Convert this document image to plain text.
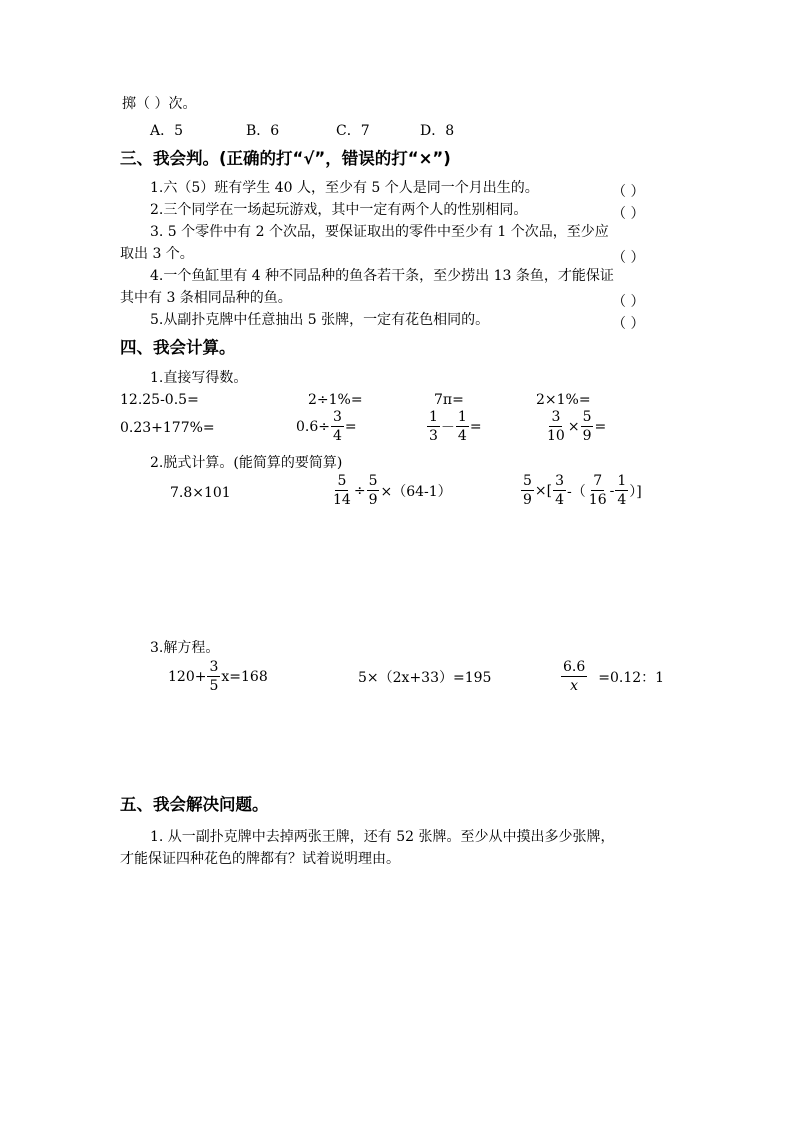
掷（ ）次。
A．5	B．6	C．7	D．8
三、我会判。(正确的打“√”，错误的打“×”)
1.六（5）班有学生 40 人，至少有 5 个人是同一个月出生的。	（ ）
2.三个同学在一场起玩游戏，其中一定有两个人的性别相同。	（ ）
3. 5 个零件中有 2 个次品，要保证取出的零件中至少有 1 个次品，至少应
取出 3 个。	（ ）
4.一个鱼缸里有 4 种不同品种的鱼各若干条，至少捞出 13 条鱼，才能保证
其中有 3 条相同品种的鱼。	（ ）
5.从副扑克牌中任意抽出 5 张牌，一定有花色相同的。	（ ）
四、我会计算。
1.直接写得数。
12.25-0.5=	2÷1%=	7π=	2×1%=
0.23+177%=	$0.6\div \frac{3}{4}$ =	$\frac{1}{3} - \frac{1}{4}$ =	$\frac{3}{10} \times \frac{5}{9}$ =
2.脱式计算。(能简算的要简算)
7.8×101	$\frac{5}{14} \div \frac{5}{9} \times(64-1)$	$\frac{5}{9}$ ×[ $\frac{3}{4}$ -（ $\frac{7}{16} - \frac{1}{4}$ ）]
3.解方程。
$120+ \frac{3}{5} x=168$	5×（2x+33）=195	$\frac{6.6}{x} =0.12$：1
五、我会解决问题。
1. 从一副扑克牌中去掉两张王牌，还有 52 张牌。至少从中摸出多少张牌，
才能保证四种花色的牌都有？试着说明理由。
